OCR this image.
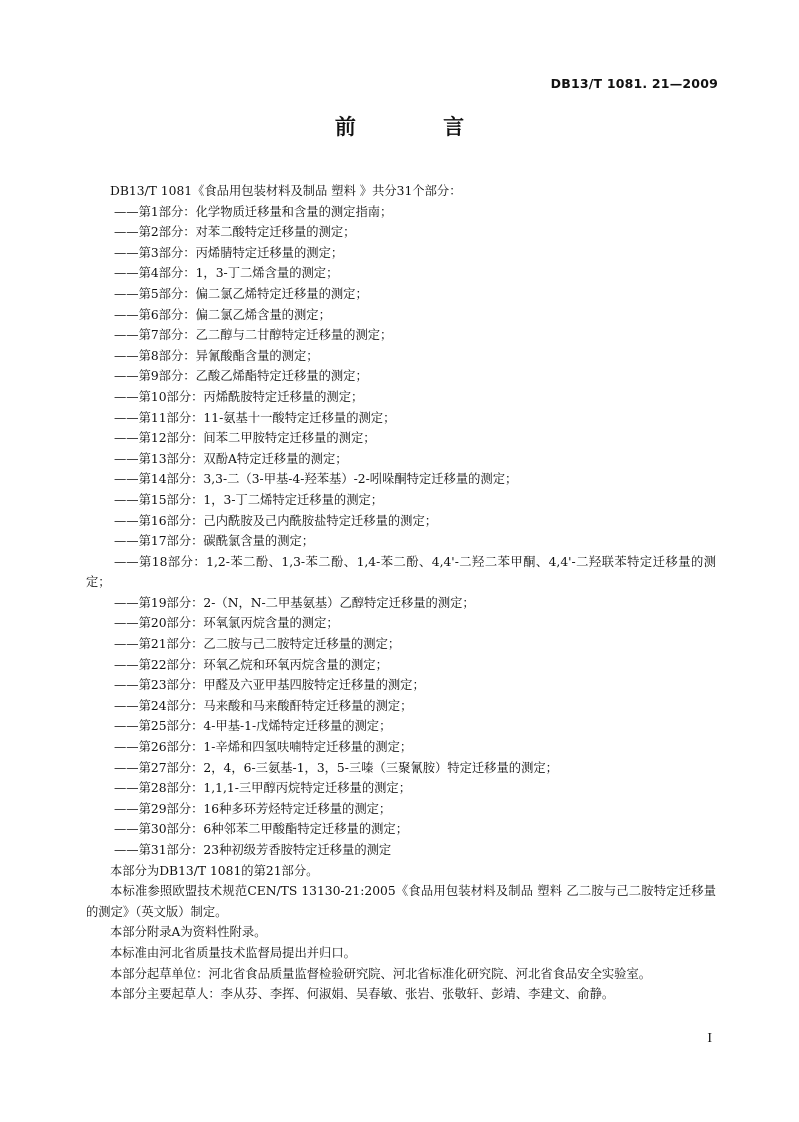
DB13/T 1081. 21—2009
前 言

DB13/T 1081《食品用包装材料及制品 塑料 》共分31个部分：

——第1部分：化学物质迁移量和含量的测定指南；

——第2部分：对苯二酸特定迁移量的测定；

——第3部分：丙烯腈特定迁移量的测定；

——第4部分：1，3-丁二烯含量的测定；

——第5部分：偏二氯乙烯特定迁移量的测定；

——第6部分：偏二氯乙烯含量的测定；

——第7部分：乙二醇与二甘醇特定迁移量的测定；

——第8部分：异氰酸酯含量的测定；

——第9部分：乙酸乙烯酯特定迁移量的测定；

——第10部分：丙烯酰胺特定迁移量的测定；

——第11部分：11-氨基十一酸特定迁移量的测定；

——第12部分：间苯二甲胺特定迁移量的测定；

——第13部分：双酚A特定迁移量的测定；

——第14部分：3,3-二（3-甲基-4-羟苯基）-2-吲哚酮特定迁移量的测定；

——第15部分：1，3-丁二烯特定迁移量的测定；

——第16部分：己内酰胺及己内酰胺盐特定迁移量的测定；

——第17部分：碳酰氯含量的测定；

——第18部分：1,2-苯二酚、1,3-苯二酚、1,4-苯二酚、4,4'-二羟二苯甲酮、4,4'-二羟联苯特定迁移量的测定；

——第19部分：2-（N，N-二甲基氨基）乙醇特定迁移量的测定；

——第20部分：环氧氯丙烷含量的测定；

——第21部分：乙二胺与己二胺特定迁移量的测定；

——第22部分：环氧乙烷和环氧丙烷含量的测定；

——第23部分：甲醛及六亚甲基四胺特定迁移量的测定；

——第24部分：马来酸和马来酸酐特定迁移量的测定；

——第25部分：4-甲基-1-戊烯特定迁移量的测定；

——第26部分：1-辛烯和四氢呋喃特定迁移量的测定；

——第27部分：2，4，6-三氨基-1，3，5-三嗪（三聚氰胺）特定迁移量的测定；

——第28部分：1,1,1-三甲醇丙烷特定迁移量的测定；

——第29部分：16种多环芳烃特定迁移量的测定；

——第30部分：6种邻苯二甲酸酯特定迁移量的测定；

——第31部分：23种初级芳香胺特定迁移量的测定

本部分为DB13/T 1081的第21部分。

本标准参照欧盟技术规范CEN/TS 13130-21:2005《食品用包装材料及制品 塑料 乙二胺与己二胺特定迁移量的测定》（英文版）制定。

本部分附录A为资料性附录。

本标准由河北省质量技术监督局提出并归口。

本部分起草单位：河北省食品质量监督检验研究院、河北省标准化研究院、河北省食品安全实验室。

本部分主要起草人：李从芬、李挥、何淑娟、吴春敏、张岩、张敬轩、彭靖、李建文、俞静。

I
